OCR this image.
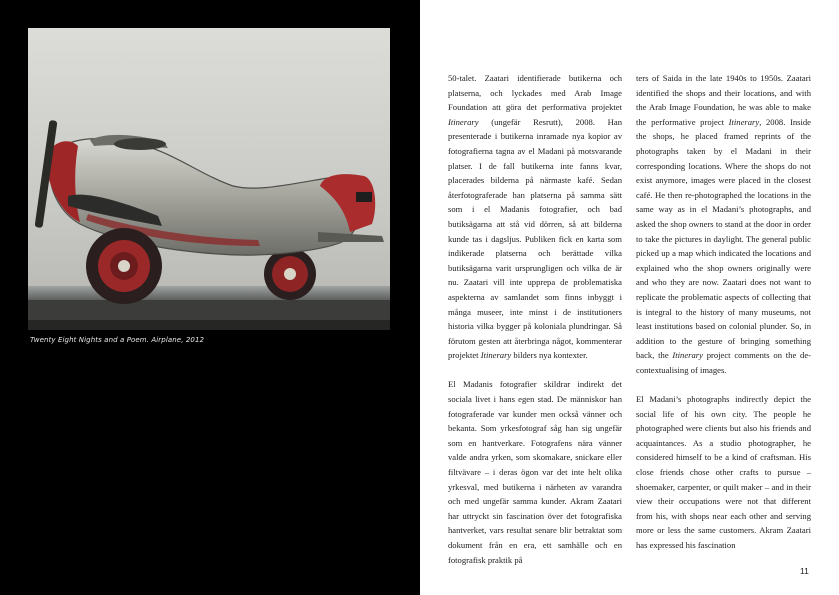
Twenty Eight Nights and a Poem. Airplane, 2012

50-talet. Zaatari identifierade butikerna och platserna, och lyckades med Arab Image Foundation att göra det performativa projektet Itinerary (ungefär Resrutt), 2008. Han presenterade i butikerna inramade nya kopior av fotografierna tagna av el Madani på motsvarande platser. I de fall butikerna inte fanns kvar, placerades bilderna på närmaste kafé. Sedan återfotograferade han platserna på samma sätt som i el Madanis fotografier, och bad butiksägarna att stå vid dörren, så att bilderna kunde tas i dagsljus. Publiken fick en karta som indikerade platserna och berättade vilka butiksägarna varit ursprungligen och vilka de är nu. Zaatari vill inte upprepa de problematiska aspekterna av samlandet som finns inbyggt i många museer, inte minst i de institutioners historia vilka bygger på koloniala plundringar. Så förutom gesten att återbringa något, kommenterar projektet Itinerary bilders nya kontexter.

El Madanis fotografier skildrar indirekt det sociala livet i hans egen stad. De människor han fotograferade var kunder men också vänner och bekanta. Som yrkesfotograf såg han sig ungefär som en hantverkare. Fotografens nära vänner valde andra yrken, som skomakare, snickare eller filtvävare – i deras ögon var det inte helt olika yrkesval, med butikerna i närheten av varandra och med ungefär samma kunder. Akram Zaatari har uttryckt sin fascination över det fotografiska hantverket, vars resultat senare blir betraktat som dokument från en era, ett samhälle och en fotografisk praktik på

ters of Saida in the late 1940s to 1950s. Zaatari identified the shops and their locations, and with the Arab Image Foundation, he was able to make the performative project Itinerary, 2008. Inside the shops, he placed framed reprints of the photographs taken by el Madani in their corresponding locations. Where the shops do not exist anymore, images were placed in the closest café. He then re-photographed the locations in the same way as in el Madani’s photographs, and asked the shop owners to stand at the door in order to take the pictures in daylight. The general public picked up a map which indicated the locations and explained who the shop owners originally were and who they are now. Zaatari does not want to replicate the problematic aspects of collecting that is integral to the history of many museums, not least institutions based on colonial plunder. So, in addition to the gesture of bringing something back, the Itinerary project comments on the de-contextualising of images.

El Madani’s photographs indirectly depict the social life of his own city. The people he photographed were clients but also his friends and acquaintances. As a studio photographer, he considered himself to be a kind of craftsman. His close friends chose other crafts to pursue – shoemaker, carpenter, or quilt maker – and in their view their occupations were not that different from his, with shops near each other and serving more or less the same customers. Akram Zaatari has expressed his fascination

11
